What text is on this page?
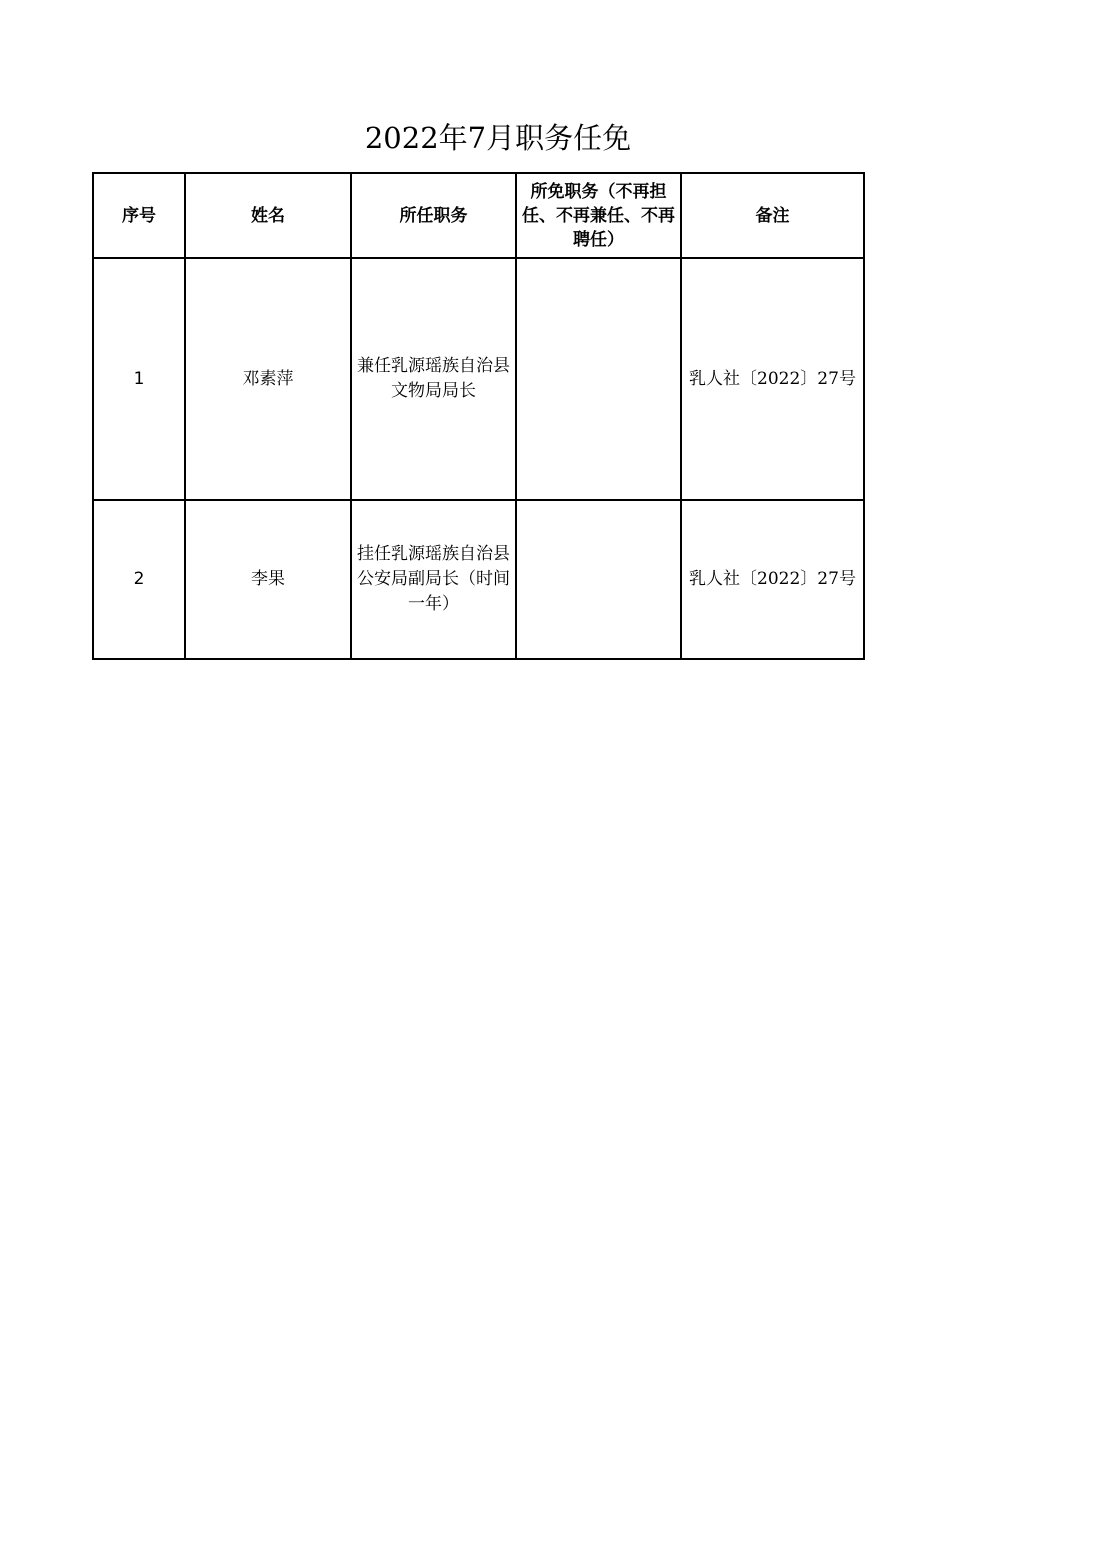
2022年7月职务任免
序号	姓名	所任职务	所免职务（不再担任、不再兼任、不再聘任）	备注
1	邓素萍	兼任乳源瑶族自治县文物局局长		乳人社〔2022〕27号
2	李果	挂任乳源瑶族自治县公安局副局长（时间一年）		乳人社〔2022〕27号
